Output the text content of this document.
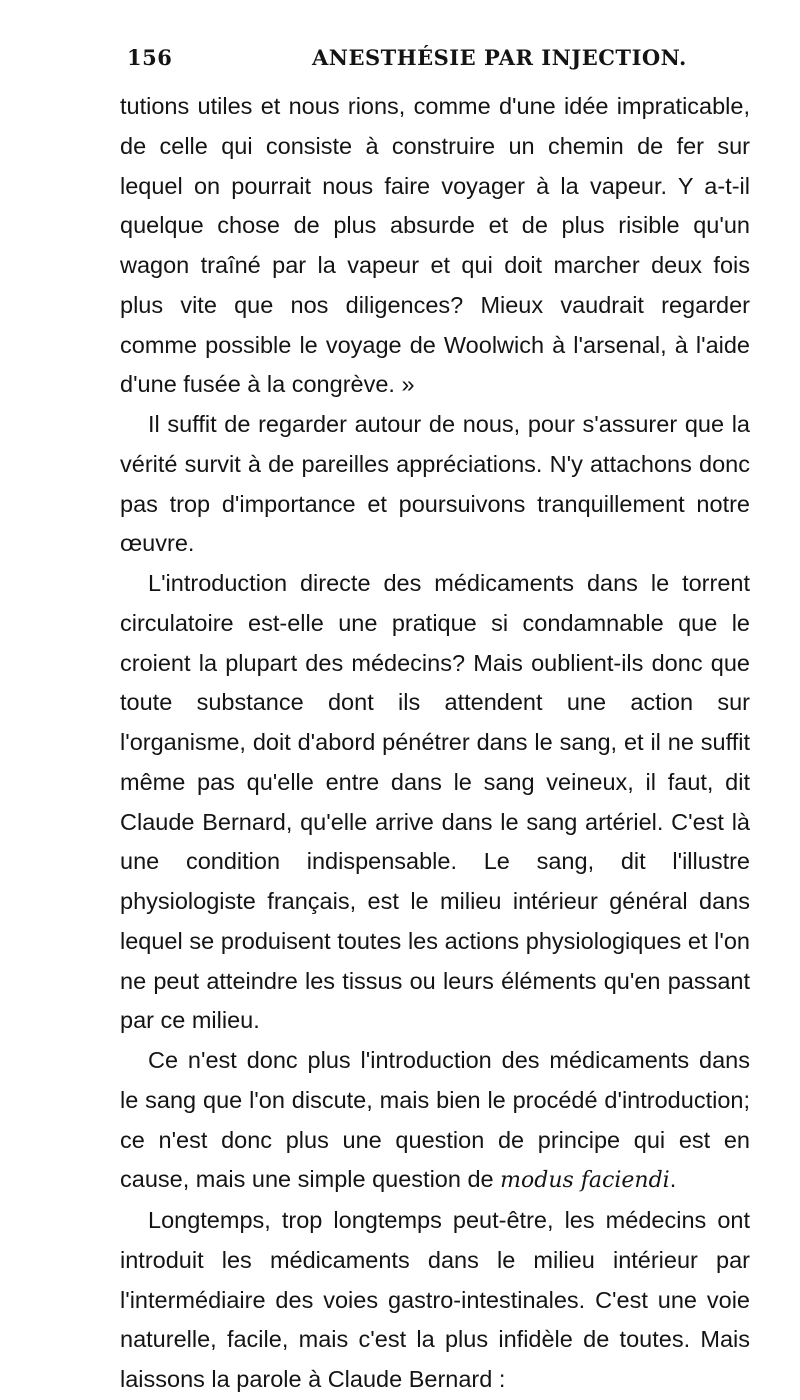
156	ANESTHÉSIE PAR INJECTION.

tutions utiles et nous rions, comme d'une idée impraticable, de celle qui consiste à construire un chemin de fer sur lequel on pourrait nous faire voyager à la vapeur. Y a-t-il quelque chose de plus absurde et de plus risible qu'un wagon traîné par la vapeur et qui doit marcher deux fois plus vite que nos diligences? Mieux vaudrait regarder comme possible le voyage de Woolwich à l'arsenal, à l'aide d'une fusée à la congrève. »

Il suffit de regarder autour de nous, pour s'assurer que la vérité survit à de pareilles appréciations. N'y attachons donc pas trop d'importance et poursuivons tranquillement notre œuvre.

L'introduction directe des médicaments dans le torrent circulatoire est-elle une pratique si condamnable que le croient la plupart des médecins? Mais oublient-ils donc que toute substance dont ils attendent une action sur l'organisme, doit d'abord pénétrer dans le sang, et il ne suffit même pas qu'elle entre dans le sang veineux, il faut, dit Claude Bernard, qu'elle arrive dans le sang artériel. C'est là une condition indispensable. Le sang, dit l'illustre physiologiste français, est le milieu intérieur général dans lequel se produisent toutes les actions physiologiques et l'on ne peut atteindre les tissus ou leurs éléments qu'en passant par ce milieu.

Ce n'est donc plus l'introduction des médicaments dans le sang que l'on discute, mais bien le procédé d'introduction; ce n'est donc plus une question de principe qui est en cause, mais une simple question de modus faciendi.

Longtemps, trop longtemps peut-être, les médecins ont introduit les médicaments dans le milieu intérieur par l'intermédiaire des voies gastro-intestinales. C'est une voie naturelle, facile, mais c'est la plus infidèle de toutes. Mais laissons la parole à Claude Bernard :
